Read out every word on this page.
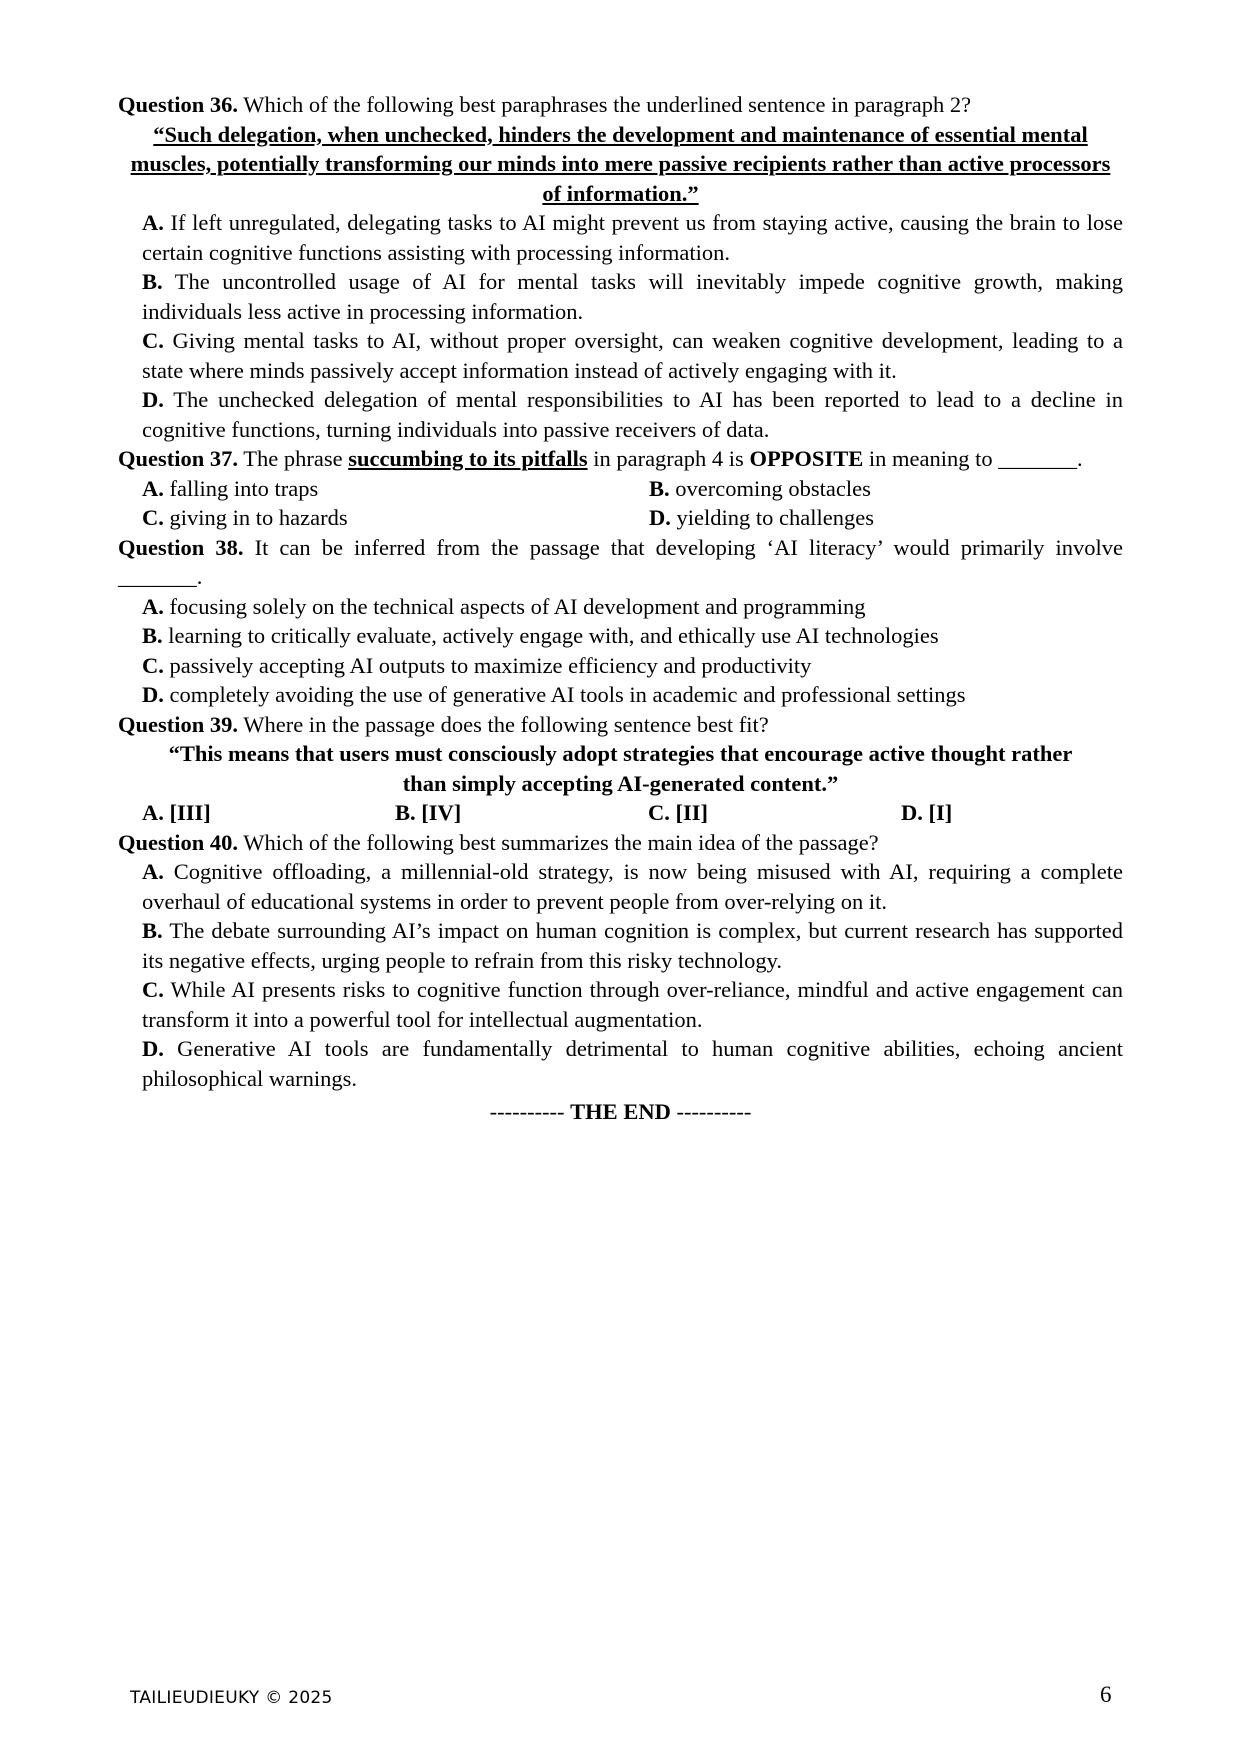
Question 36. Which of the following best paraphrases the underlined sentence in paragraph 2?

“Such delegation, when unchecked, hinders the development and maintenance of essential mental muscles, potentially transforming our minds into mere passive recipients rather than active processors of information.”

A. If left unregulated, delegating tasks to AI might prevent us from staying active, causing the brain to lose certain cognitive functions assisting with processing information.

B. The uncontrolled usage of AI for mental tasks will inevitably impede cognitive growth, making individuals less active in processing information.

C. Giving mental tasks to AI, without proper oversight, can weaken cognitive development, leading to a state where minds passively accept information instead of actively engaging with it.

D. The unchecked delegation of mental responsibilities to AI has been reported to lead to a decline in cognitive functions, turning individuals into passive receivers of data.

Question 37. The phrase succumbing to its pitfalls in paragraph 4 is OPPOSITE in meaning to _______.

A. falling into traps	B. overcoming obstacles
C. giving in to hazards	D. yielding to challenges

Question 38. It can be inferred from the passage that developing ‘AI literacy’ would primarily involve _______.

A. focusing solely on the technical aspects of AI development and programming

B. learning to critically evaluate, actively engage with, and ethically use AI technologies

C. passively accepting AI outputs to maximize efficiency and productivity

D. completely avoiding the use of generative AI tools in academic and professional settings

Question 39. Where in the passage does the following sentence best fit?

“This means that users must consciously adopt strategies that encourage active thought rather than simply accepting AI-generated content.”

A. [III]	B. [IV]	C. [II]	D. [I]

Question 40. Which of the following best summarizes the main idea of the passage?

A. Cognitive offloading, a millennial-old strategy, is now being misused with AI, requiring a complete overhaul of educational systems in order to prevent people from over-relying on it.

B. The debate surrounding AI’s impact on human cognition is complex, but current research has supported its negative effects, urging people to refrain from this risky technology.

C. While AI presents risks to cognitive function through over-reliance, mindful and active engagement can transform it into a powerful tool for intellectual augmentation.

D. Generative AI tools are fundamentally detrimental to human cognitive abilities, echoing ancient philosophical warnings.

---------- THE END ----------

TAILIEUDIEUKY © 2025	6
